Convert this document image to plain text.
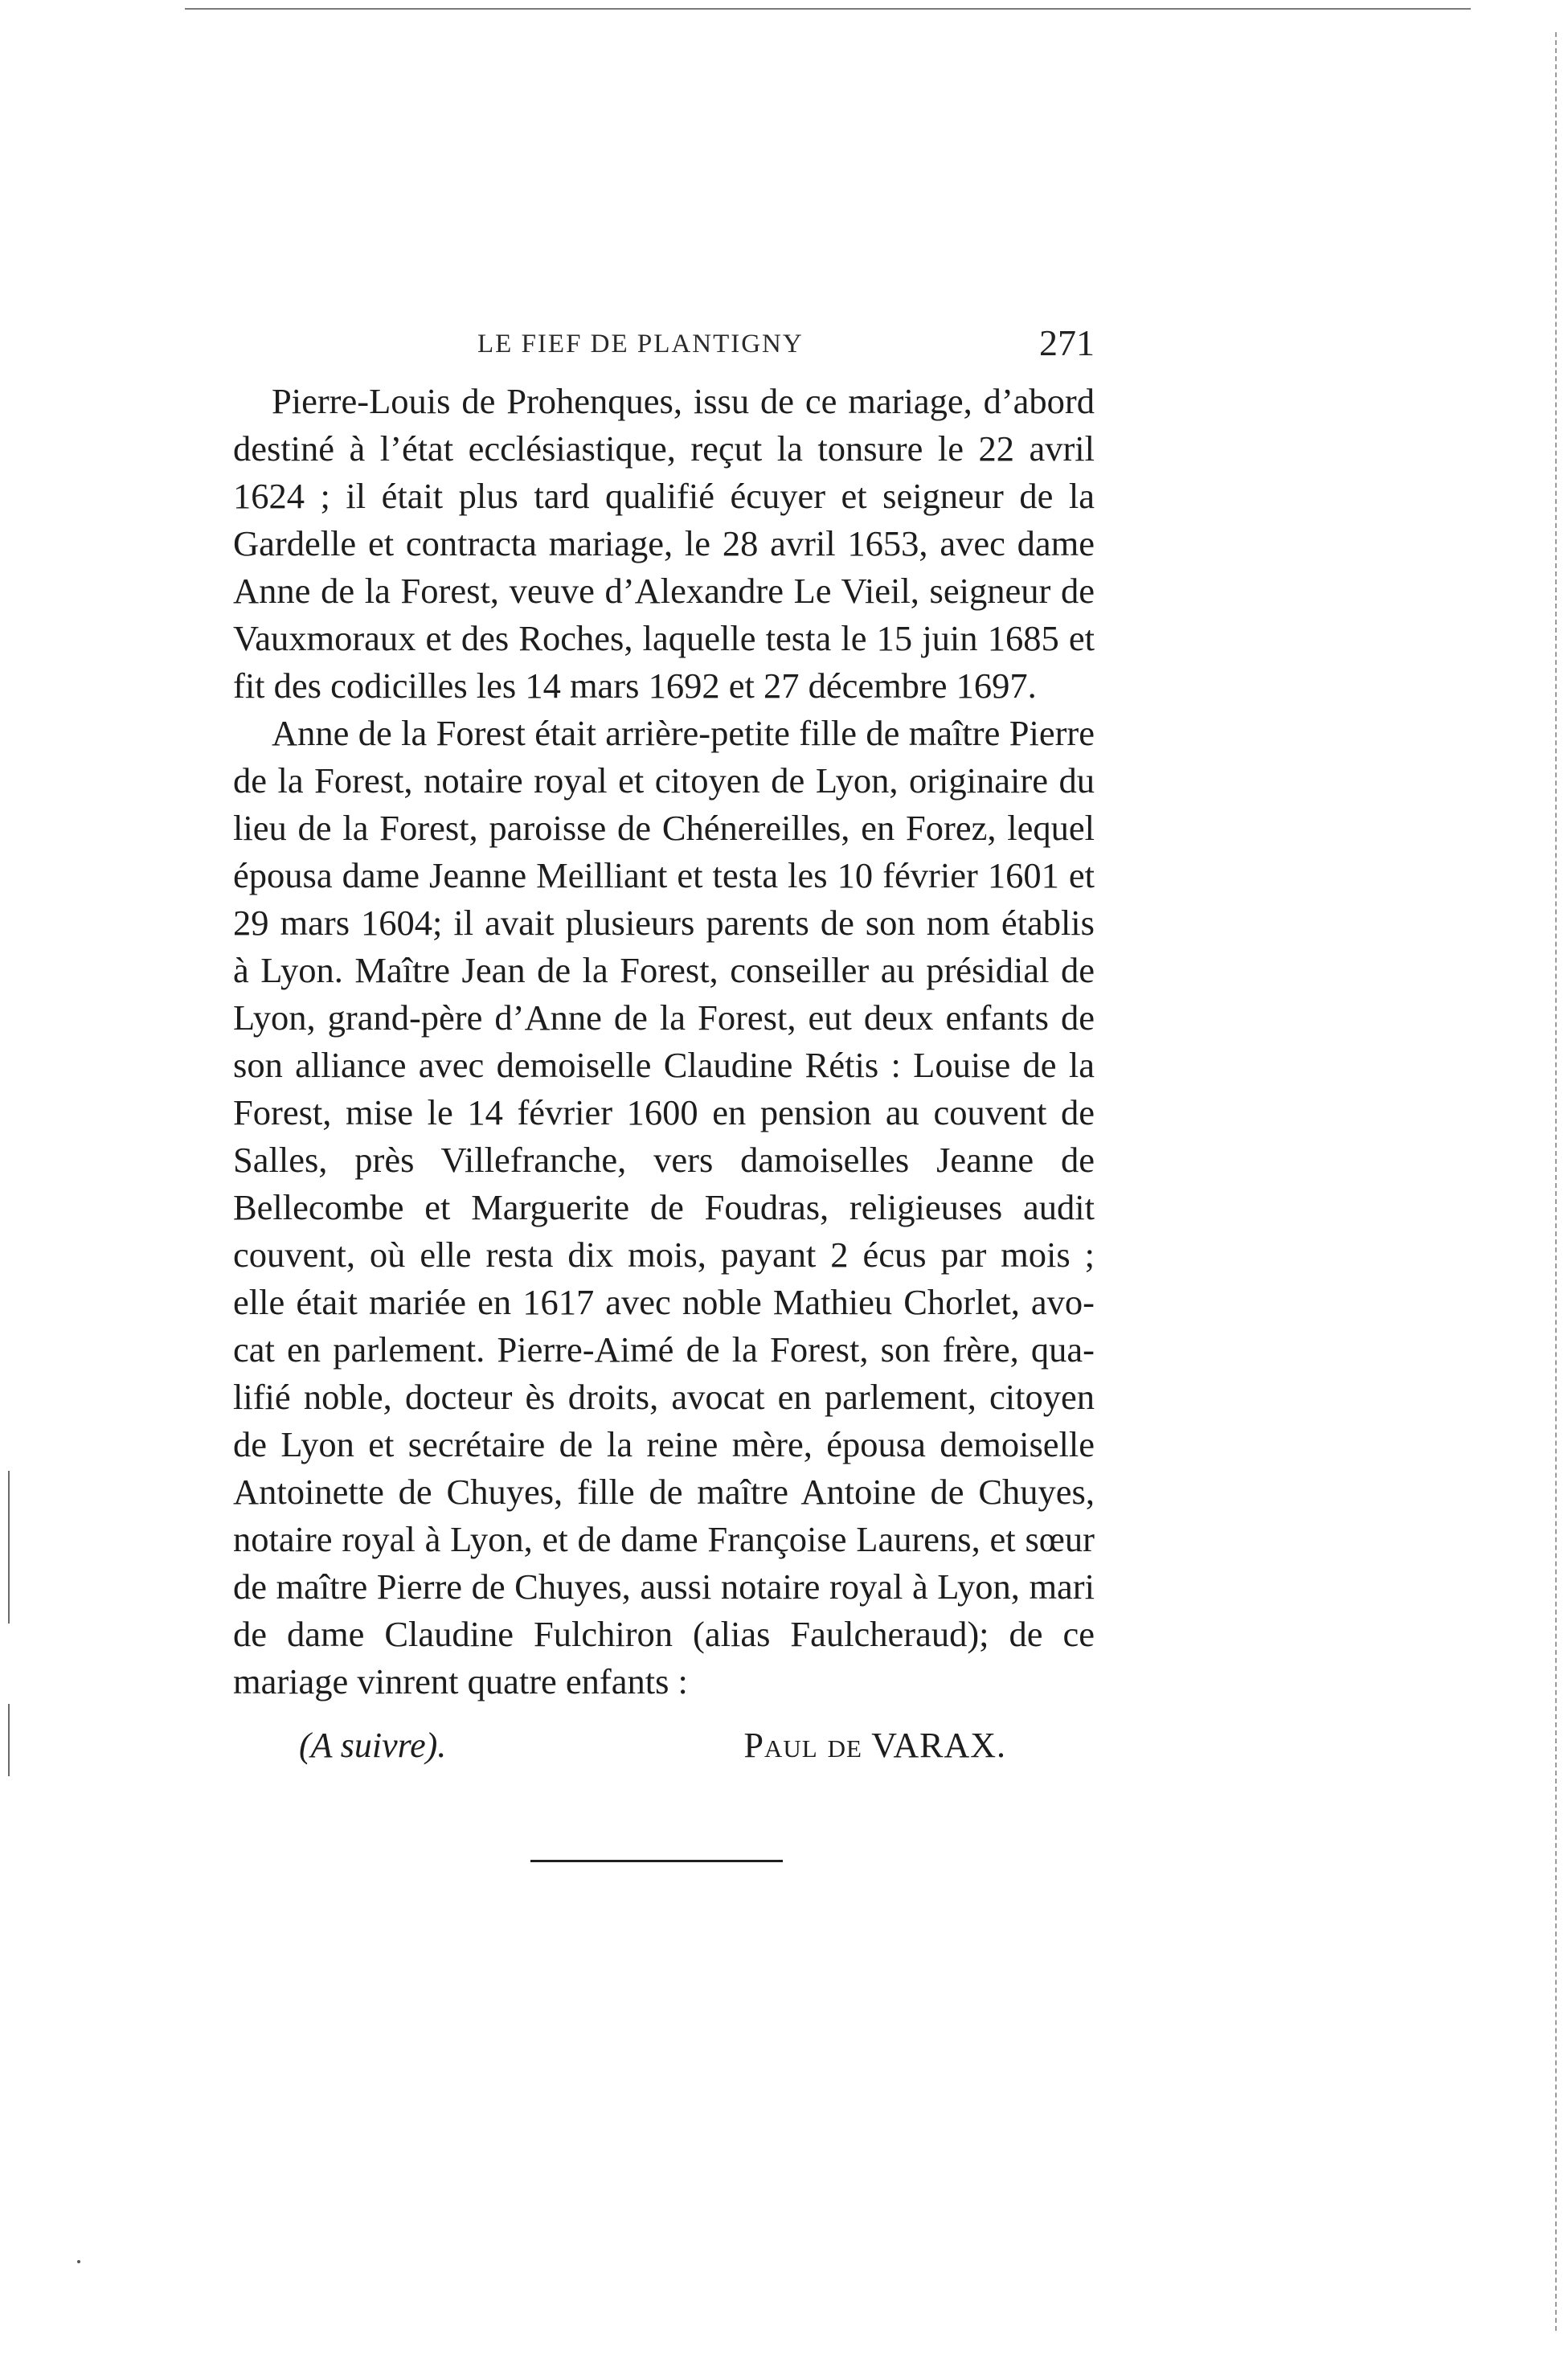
LE FIEF DE PLANTIGNY	271

Pierre-Louis de Prohenques, issu de ce mariage, d’abord destiné à l’état ecclésiastique, reçut la tonsure le 22 avril 1624 ; il était plus tard qualifié écuyer et seigneur de la Gardelle et contracta mariage, le 28 avril 1653, avec dame Anne de la Forest, veuve d’Alexandre Le Vieil, seigneur de Vauxmoraux et des Roches, laquelle testa le 15 juin 1685 et fit des codicilles les 14 mars 1692 et 27 décembre 1697.

Anne de la Forest était arrière-petite fille de maître Pierre de la Forest, notaire royal et citoyen de Lyon, originaire du lieu de la Forest, paroisse de Chénereilles, en Forez, lequel épousa dame Jeanne Meilliant et testa les 10 février 1601 et 29 mars 1604; il avait plusieurs parents de son nom établis à Lyon. Maître Jean de la Forest, conseiller au présidial de Lyon, grand-père d’Anne de la Forest, eut deux enfants de son alliance avec demoiselle Claudine Rétis : Louise de la Forest, mise le 14 février 1600 en pension au couvent de Salles, près Villefranche, vers damoiselles Jeanne de Bellecombe et Marguerite de Foudras, religieuses audit couvent, où elle resta dix mois, payant 2 écus par mois ; elle était mariée en 1617 avec noble Mathieu Chorlet, avocat en parlement. Pierre-Aimé de la Forest, son frère, qualifié noble, docteur ès droits, avocat en parlement, citoyen de Lyon et secrétaire de la reine mère, épousa demoiselle Antoinette de Chuyes, fille de maître Antoine de Chuyes, notaire royal à Lyon, et de dame Françoise Laurens, et sœur de maître Pierre de Chuyes, aussi notaire royal à Lyon, mari de dame Claudine Fulchiron (alias Faulcheraud); de ce mariage vinrent quatre enfants :

(A suivre).	Paul de VARAX.
